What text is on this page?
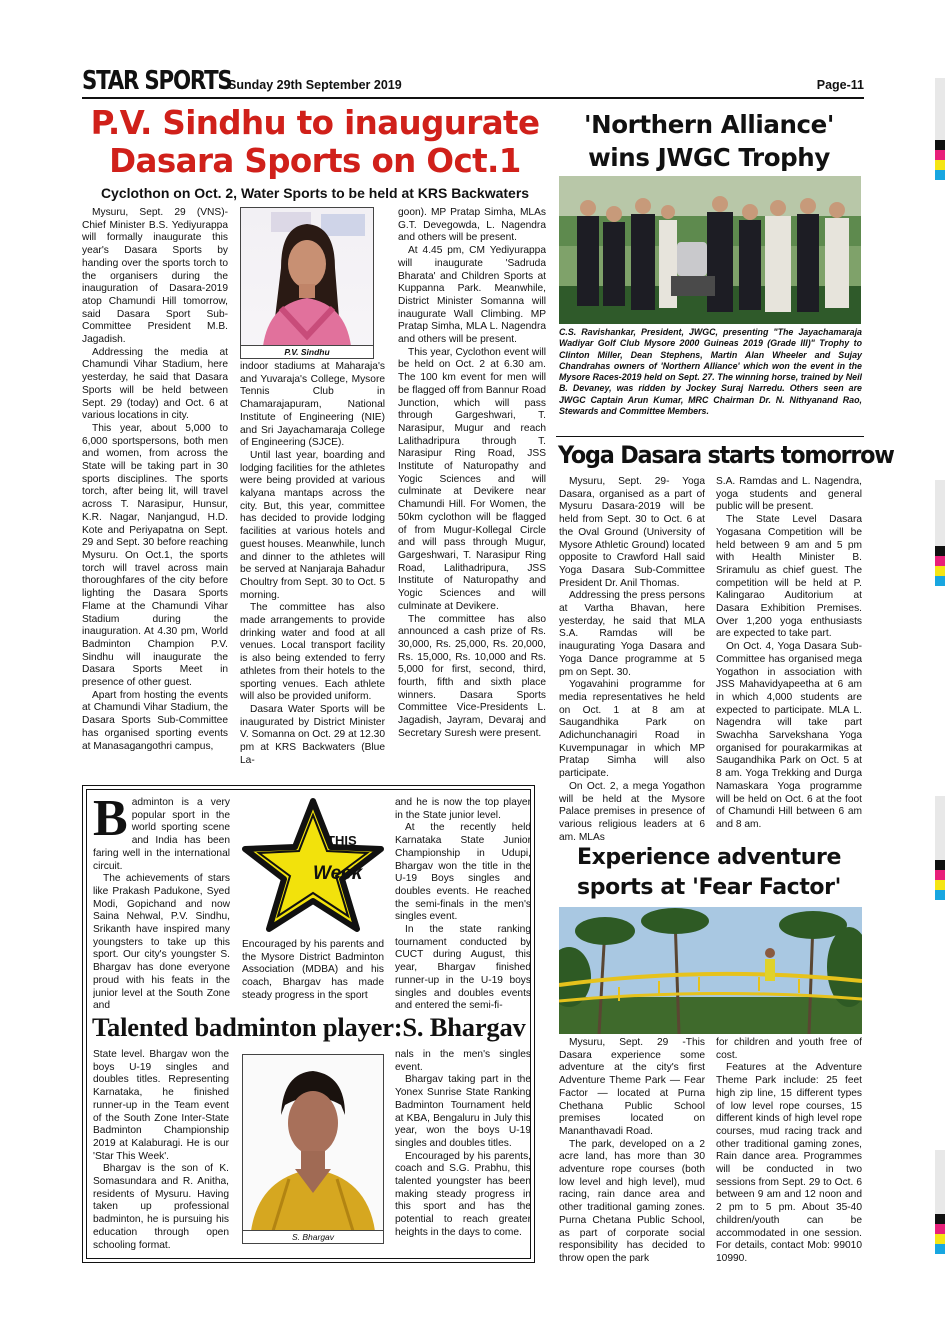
STAR SPORTS
Sunday 29th September 2019	Page-11
P.V. Sindhu to inaugurate
Dasara Sports on Oct.1
Cyclothon on Oct. 2, Water Sports to be held at KRS Backwaters

Mysuru, Sept. 29 (VNS)- Chief Minister B.S. Yediyurappa will formally inaugurate this year's Dasara Sports by handing over the sports torch to the organisers during the inauguration of Dasara-2019 atop Chamundi Hill tomorrow, said Dasara Sport Sub-Committee President M.B. Jagadish.

Addressing the media at Chamundi Vihar Stadium, here yesterday, he said that Dasara Sports will be held between Sept. 29 (today) and Oct. 6 at various locations in city.

This year, about 5,000 to 6,000 sportspersons, both men and women, from across the State will be taking part in 30 sports disciplines. The sports torch, after being lit, will travel across T. Narasipur, Hunsur, K.R. Nagar, Nanjangud, H.D. Kote and Periyapatna on Sept. 29 and Sept. 30 before reaching Mysuru. On Oct.1, the sports torch will travel across main thoroughfares of the city before lighting the Dasara Sports Flame at the Chamundi Vihar Stadium during the inauguration. At 4.30 pm, World Badminton Champion P.V. Sindhu will inaugurate the Dasara Sports Meet in presence of other guest.

Apart from hosting the events at Chamundi Vihar Stadium, the Dasara Sports Sub-Committee has organised sporting events at Manasagangothri campus,

P.V. Sindhu

indoor stadiums at Maharaja's and Yuvaraja's College, Mysore Tennis Club in Chamarajapuram, National Institute of Engineering (NIE) and Sri Jayachamaraja College of Engineering (SJCE).

Until last year, boarding and lodging facilities for the athletes were being provided at various kalyana mantaps across the city. But, this year, committee has decided to provide lodging facilities at various hotels and guest houses. Meanwhile, lunch and dinner to the athletes will be served at Nanjaraja Bahadur Choultry from Sept. 30 to Oct. 5 morning.

The committee has also made arrangements to provide drinking water and food at all venues. Local transport facility is also being extended to ferry athletes from their hotels to the sporting venues. Each athlete will also be provided uniform.

Dasara Water Sports will be inaugurated by District Minister V. Somanna on Oct. 29 at 12.30 pm at KRS Backwaters (Blue La-

goon). MP Pratap Simha, MLAs G.T. Devegowda, L. Nagendra and others will be present.

At 4.45 pm, CM Yediyurappa will inaugurate 'Sadruda Bharata' and Children Sports at Kuppanna Park. Meanwhile, District Minister Somanna will inaugurate Wall Climbing. MP Pratap Simha, MLA L. Nagendra and others will be present.

This year, Cyclothon event will be held on Oct. 2 at 6.30 am. The 100 km event for men will be flagged off from Bannur Road Junction, which will pass through Gargeshwari, T. Narasipur, Mugur and reach Lalithadripura through T. Narasipur Ring Road, JSS Institute of Naturopathy and Yogic Sciences and will culminate at Devikere near Chamundi Hill. For Women, the 50km cyclothon will be flagged of from Mugur-Kollegal Circle and will pass through Mugur, Gargeshwari, T. Narasipur Ring Road, Lalithadripura, JSS Institute of Naturopathy and Yogic Sciences and will culminate at Devikere.

The committee has also announced a cash prize of Rs. 30,000, Rs. 25,000, Rs. 20,000, Rs. 15,000, Rs. 10,000 and Rs. 5,000 for first, second, third, fourth, fifth and sixth place winners. Dasara Sports Committee Vice-Presidents L. Jagadish, Jayram, Devaraj and Secretary Suresh were present.

'Northern Alliance'
wins JWGC Trophy
C.S. Ravishankar, President, JWGC, presenting "The Jayachamaraja Wadiyar Golf Club Mysore 2000 Guineas 2019 (Grade III)" Trophy to Clinton Miller, Dean Stephens, Martin Alan Wheeler and Sujay Chandrahas owners of 'Northern Alliance' which won the event in the Mysore Races-2019 held on Sept. 27. The winning horse, trained by Neil B. Devaney, was ridden by Jockey Suraj Narredu. Others seen are JWGC Captain Arun Kumar, MRC Chairman Dr. N. Nithyanand Rao, Stewards and Committee Members.
Yoga Dasara starts tomorrow

Mysuru, Sept. 29- Yoga Dasara, organised as a part of Mysuru Dasara-2019 will be held from Sept. 30 to Oct. 6 at the Oval Ground (University of Mysore Athletic Ground) located opposite to Crawford Hall said Yoga Dasara Sub-Committee President Dr. Anil Thomas.

Addressing the press persons at Vartha Bhavan, here yesterday, he said that MLA S.A. Ramdas will be inaugurating Yoga Dasara and Yoga Dance programme at 5 pm on Sept. 30.

Yogavahini programme for media representatives he held on Oct. 1 at 8 am at Saugandhika Park on Adichunchanagiri Road in Kuvempunagar in which MP Pratap Simha will also participate.

On Oct. 2, a mega Yogathon will be held at the Mysore Palace premises in presence of various religious leaders at 6 am. MLAs

S.A. Ramdas and L. Nagendra, yoga students and general public will be present.

The State Level Dasara Yogasana Competition will be held between 9 am and 5 pm with Health Minister B. Sriramulu as chief guest. The competition will be held at P. Kalingarao Auditorium at Dasara Exhibition Premises. Over 1,200 yoga enthusiasts are expected to take part.

On Oct. 4, Yoga Dasara Sub-Committee has organised mega Yogathon in association with JSS Mahavidyapeetha at 6 am in which 4,000 students are expected to participate. MLA L. Nagendra will take part Swachha Sarvekshana Yoga organised for pourakarmikas at Saugandhika Park on Oct. 5 at 8 am. Yoga Trekking and Durga Namaskara Yoga programme will be held on Oct. 6 at the foot of Chamundi Hill between 6 am and 8 am.

B adminton is a very popular sport in the world sporting scene and India has been faring well in the international circuit.

The achievements of stars like Prakash Padukone, Syed Modi, Gopichand and now Saina Nehwal, P.V. Sindhu, Srikanth have inspired many youngsters to take up this sport. Our city's youngster S. Bhargav has done everyone proud with his feats in the junior level at the South Zone and

THIS
Week

Encouraged by his parents and the Mysore District Badminton Association (MDBA) and his coach, Bhargav has made steady progress in the sport

and he is now the top player in the State junior level.

At the recently held Karnataka State Junior Championship in Udupi, Bhargav won the title in the U-19 Boys singles and doubles events. He reached the semi-finals in the men's singles event.

In the state ranking tournament conducted by CUCT during August, this year, Bhargav finished runner-up in the U-19 boys singles and doubles events and entered the semi-fi-

Talented badminton player:S. Bhargav

State level. Bhargav won the boys U-19 singles and doubles titles. Representing Karnataka, he finished runner-up in the Team event of the South Zone Inter-State Badminton Championship 2019 at Kalaburagi. He is our 'Star This Week'.

Bhargav is the son of K. Somasundara and R. Anitha, residents of Mysuru. Having taken up professional badminton, he is pursuing his education through open schooling format.

S. Bhargav

nals in the men's singles event.

Bhargav taking part in the Yonex Sunrise State Ranking Badminton Tournament held at KBA, Bengaluru in July this year, won the boys U-19 singles and doubles titles.

Encouraged by his parents, coach and S.G. Prabhu, this talented youngster has been making steady progress in this sport and has the potential to reach greater heights in the days to come.

Experience adventure
sports at 'Fear Factor'

Mysuru, Sept. 29 -This Dasara experience some adventure at the city's first Adventure Theme Park — Fear Factor — located at Purna Chethana Public School premises located on Mananthavadi Road.

The park, developed on a 2 acre land, has more than 30 adventure rope courses (both low level and high level), mud racing, rain dance area and other traditional gaming zones. Purna Chetana Public School, as part of corporate social responsibility has decided to throw open the park

for children and youth free of cost.

Features at the Adventure Theme Park include: 25 feet high zip line, 15 different types of low level rope courses, 15 different kinds of high level rope courses, mud racing track and other traditional gaming zones, Rain dance area. Programmes will be conducted in two sessions from Sept. 29 to Oct. 6 between 9 am and 12 noon and 2 pm to 5 pm. About 35-40 children/youth can be accommodated in one session. For details, contact Mob: 99010 10990.
